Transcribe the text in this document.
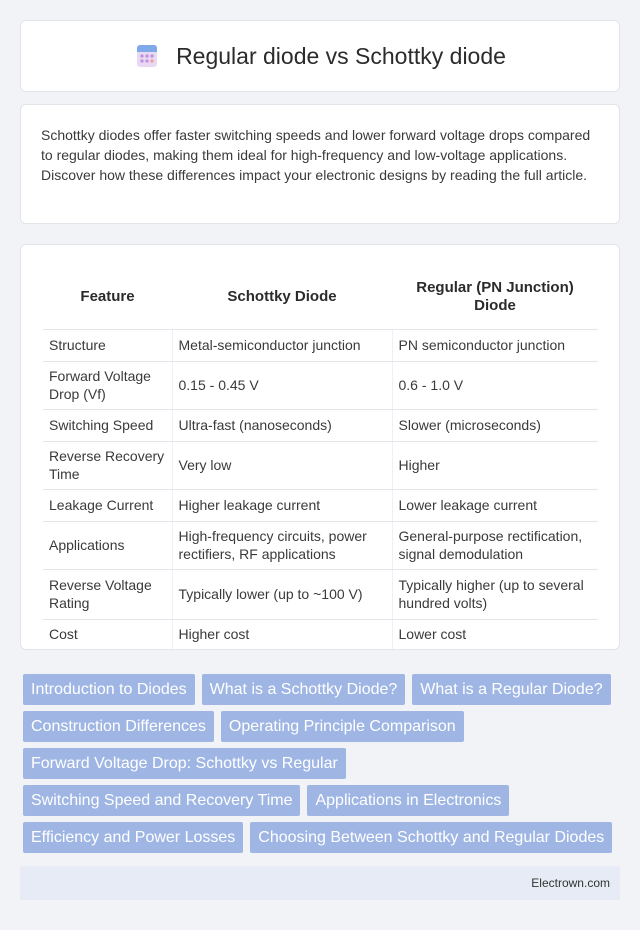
Regular diode vs Schottky diode

Schottky diodes offer faster switching speeds and lower forward voltage drops compared to regular diodes, making them ideal for high-frequency and low-voltage applications. Discover how these differences impact your electronic designs by reading the full article.

Feature	Schottky Diode	Regular (PN Junction) Diode
Structure	Metal-semiconductor junction	PN semiconductor junction
Forward Voltage Drop (Vf)	0.15 - 0.45 V	0.6 - 1.0 V
Switching Speed	Ultra-fast (nanoseconds)	Slower (microseconds)
Reverse Recovery Time	Very low	Higher
Leakage Current	Higher leakage current	Lower leakage current
Applications	High-frequency circuits, power rectifiers, RF applications	General-purpose rectification, signal demodulation
Reverse Voltage Rating	Typically lower (up to ~100 V)	Typically higher (up to several hundred volts)
Cost	Higher cost	Lower cost
Introduction to Diodes	What is a Schottky Diode?	What is a Regular Diode?
Construction Differences	Operating Principle Comparison
Forward Voltage Drop: Schottky vs Regular
Switching Speed and Recovery Time	Applications in Electronics
Efficiency and Power Losses	Choosing Between Schottky and Regular Diodes
Electrown.com
